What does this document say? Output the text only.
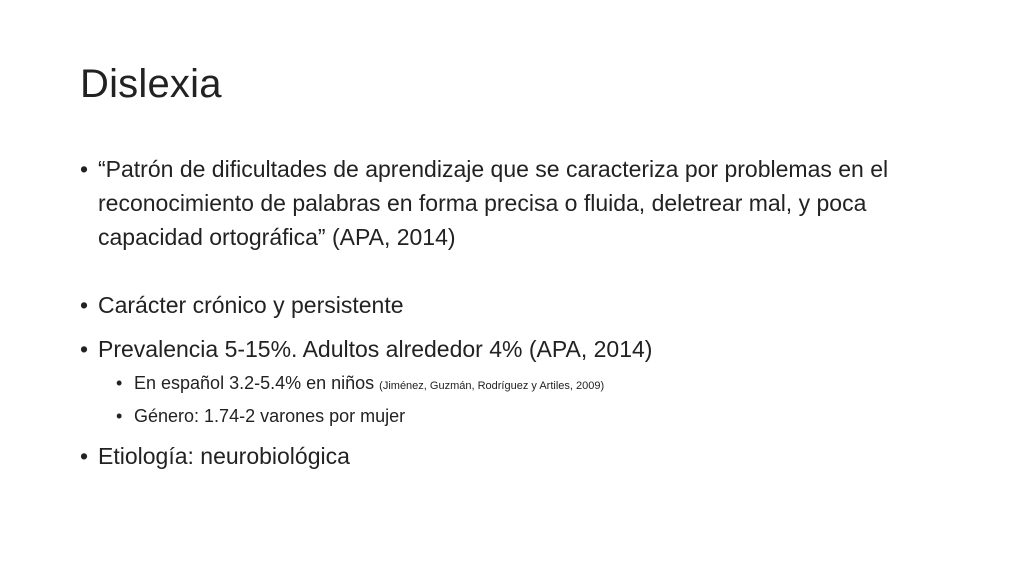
Dislexia
• “Patrón de dificultades de aprendizaje que se caracteriza por problemas en el reconocimiento de palabras en forma precisa o fluida, deletrear mal, y poca capacidad ortográfica” (APA, 2014)
• Carácter crónico y persistente
• Prevalencia 5-15%. Adultos alrededor 4% (APA, 2014)
• En español 3.2-5.4% en niños (Jiménez, Guzmán, Rodríguez y Artiles, 2009)
• Género: 1.74-2 varones por mujer
• Etiología: neurobiológica
